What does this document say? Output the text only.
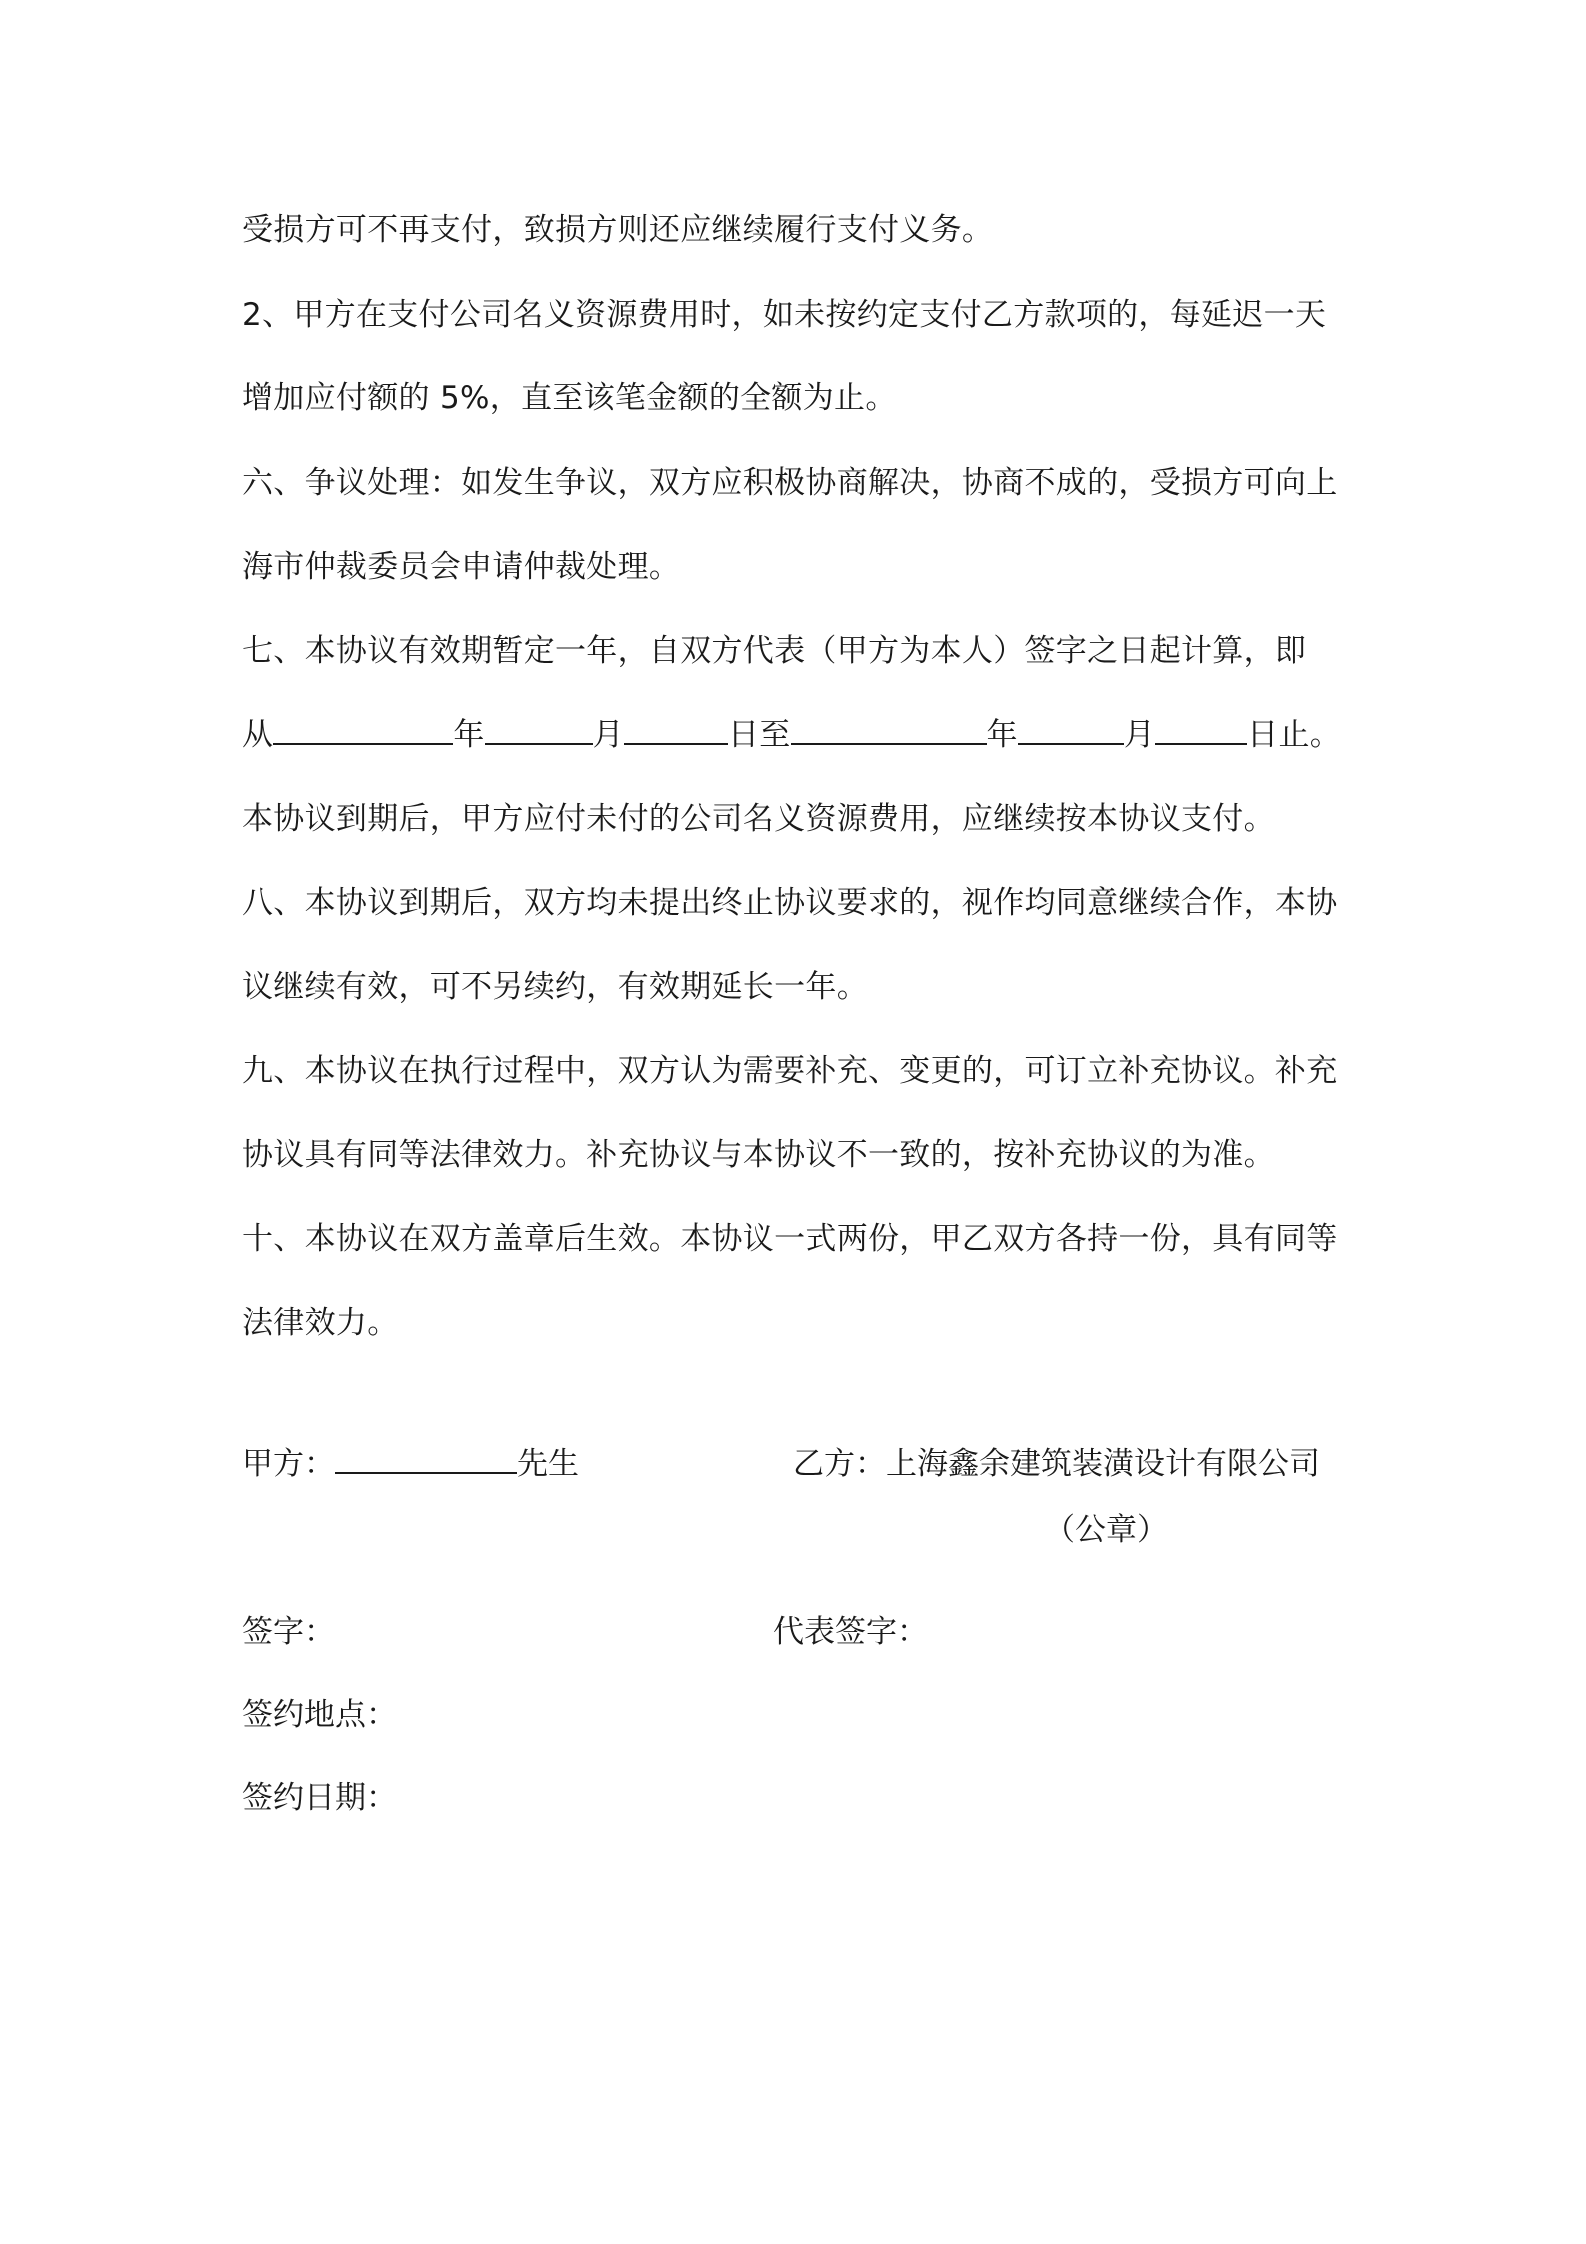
受损方可不再支付，致损方则还应继续履行支付义务。
2、甲方在支付公司名义资源费用时，如未按约定支付乙方款项的，每延迟一天
增加应付额的 5%，直至该笔金额的全额为止。
六、争议处理：如发生争议，双方应积极协商解决，协商不成的，受损方可向上
海市仲裁委员会申请仲裁处理。
七、本协议有效期暂定一年，自双方代表（甲方为本人）签字之日起计算，即
从	年	月	日至	年	月	日止。
本协议到期后，甲方应付未付的公司名义资源费用，应继续按本协议支付。
八、本协议到期后，双方均未提出终止协议要求的，视作均同意继续合作，本协
议继续有效，可不另续约，有效期延长一年。
九、本协议在执行过程中，双方认为需要补充、变更的，可订立补充协议。补充
协议具有同等法律效力。补充协议与本协议不一致的，按补充协议的为准。
十、本协议在双方盖章后生效。本协议一式两份，甲乙双方各持一份，具有同等
法律效力。
甲方：	先生	乙方：上海鑫余建筑装潢设计有限公司
（公章）
签字：	代表签字：
签约地点：
签约日期：
